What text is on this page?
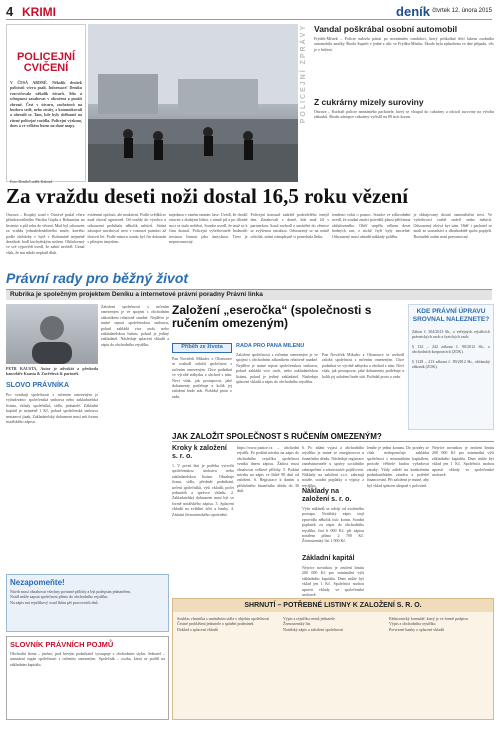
4 KRIMI	deník čtvrtek 12. února 2015
POLICEJNÍ CVIČENÍ
V ČESÁ ARDNÉ. Několik desítek policistů včera psali. Informace! Deníku rozcvičovalo několik útvarů. Sílu a schopnost zasahovat v ohrožení a použít zbraně. Čest v útvaru, zachránců na budovu sedě, nebo ztráty, z komunikovali a ohrozili se. Tam, kde byly sběhnuté na různé policejní vozidla. Policejní výzkum, dnes a ve velkém lesem na dané mapy.
Foto Deník/Luděk Kaloud
POLICEJNÍ ZPRÁVY Vandal poškrábal osobní automobil
Frýdek-Místek – Policie nalezla pátrat po neznámém vandalovi, který poškrábal třetí lakem osobního automobilu značky Škoda Superb v jedné z ulic ve Frýdku-Místku. Škoda byla způsobena ve dne případu, věc je v šetření.
Z cukrárny mizely suroviny
Ostrava – Kuchaři policie neznámého pachatele, který se vloupal do cukrárny a odcizil suroviny na výrobu zákusků. Škodu zástupce cukrárny vyčíslil na 80 tisíc korun.
Za vraždu deseti noži dostal 16,5 roku vězení
Ostrava – Krajský soud v Ostravě poslal včera pětadvacetiletého Patrika Gajdu z Bohumína na šestnáct a půl roku do vězení. Muž byl odsouzen za vraždu jednašedesátiletého muže, kterého podle obžaloby v bytě v Bohumíně nejméně desetkrát bodl kuchyňským nožem. Obžalovaný ve své výpovědi uvedl, že zabití nechtěl. Uznal však, že mu nikdo neplatil dluh.
evidentní opilosti, ale neaktivní. Podle svědků se muž choval agresivně. Od vraždy do výrobce a odsouzení probíhala několik měsíců. Státní zástupce navrhoval trest v rozmezí patnácti až dvaceti let. Podle názoru soudu byl čin dokonán s přímým úmyslem.
najednou v raném ranním čase. Uvedl, že chodil ztracen s druhými lidmi, s nimiž pil a po dlouhé noci se stalo neštěstí. Soudce uvedl, že muž se k činu doznal. Policejní vyšetřovatelé hodnotili trestnou činnost jako úmyslnou. Trest je nepravomocný.
Policejní komisař zadržel podezřelého tentýž den. Zasahovali v domě, kde muž žil s partnerkou. Soud rozhodl o umístění do věznice se zvýšenou ostrahou. Odsouzený se na místě odvolal, státní zástupkyně si ponechala lhůtu.
tendenci volat o pomoc. Soudce ve zdůvodnění uvedl, že soudní znalci potvrdili plnou příčetnost obžalovaného. Oběť utrpěla celkem deset bodných ran, z nichž čtyři byly smrtelné. Odsouzený musí uhradit náklady pohřbu.
je obhajovaný dostal osmiměsíční trest. Ve vyšetřovací vazbě strávil sedm měsíců. Odsouzený obývá byt sám. Oběť i pachatel se znali ze sousedství a dlouhodobě spolu popíjeli. Rozsudek zatím není pravomocný.
Právní rady pro běžný život
Rubrika je společným projektem Deníku a internetové právní poradny Právní linka
PETR KAUSTA, Autor je advokát a předseda kanceláře Kausta & Zavřelová & partneři.
SLOVO PRÁVNÍKA
Pro vznikají společnosti s ručením omezeným je vyžadováno: společenská smlouva nebo zakladatelská listina, vklady společníků, sídlo, jednatelé. Základní kapitál je nejméně 1 Kč, pokud společenská smlouva nestanoví jinak. Zakladatelský dokument musí mít formu notářského zápisu.
Založení společnosti s ručením omezeným je ve spojení s obchodním zákoníkem relativně snadné. Nejdříve je nutné sepsat společenskou smlouvu, pokud zakládá více osob, nebo zakladatelskou listinu, pokud je jediný zakladatel. Následuje splacení vkladů a zápis do obchodního rejstříku.
Založení „eseročka“ (společnosti s ručením omezeným)
Příběh ze života
Pan Nováček Mikulec z Olomouce se rozhodl založit společnost s ručením omezeným. Chce podnikat ve výrobě nábytku a obchod s ním. Neví však, jak postupovat, jaké dokumenty potřebuje a kolik jej založení bude stát. Požádal proto o radu.
RADA PRO PANA MILENU
Založení společnosti s ručením omezeným je ve spojení s obchodním zákoníkem relativně snadné. Nejdříve je nutné sepsat společenskou smlouvu, pokud zakládá více osob, nebo zakladatelskou listinu, pokud je jediný zakladatel. Následuje splacení vkladů a zápis do obchodního rejstříku.
Pan Nováček Mikulec z Olomouce se rozhodl založit společnost s ručením omezeným. Chce podnikat ve výrobě nábytku a obchod s ním. Neví však, jak postupovat, jaké dokumenty potřebuje a kolik jej založení bude stát. Požádal proto o radu.
KDE PRÁVNÍ ÚPRAVU SROVNAL NALEZNETE?
Zákon č. 304/2013 Sb., o veřejných rejstřících právnických osob a fyzických osob.
§ 132 – 242 zákona č. 90/2012 Sb., o obchodních korporacích (ZOK).
§ 1128 – 213 zákona č. 89/2012 Sb., občanský zákoník (ZOK).
JAK ZALOŽIT SPOLEČNOST S RUČENÍM OMEZENÝM?
Kroky k založení s. r. o.
1. V první fázi je potřeba vytvořit společenskou smlouvu nebo zakladatelskou listinu. Obsahuje firmu, sídlo, předmět podnikání, určení společníků, výši vkladů, počet jednatelů a správce vkladu. 2. Zakladatelský dokument musí být ve formě notářského zápisu. 3. Splacení vkladů na zvláštní účet u banky. 4. Získání živnostenského oprávnění.
https://www.justice.cz – obchodní rejstřík. Po podání návrhu na zápis do obchodního rejstříku společnost vzniká dnem zápisu. Žádost musí obsahovat veškeré přílohy. 5. Podání návrhu na zápis ve lhůtě 90 dnů od založení. 6. Registrace k daním u příslušného finančního úřadu do 30 dnů.
6. Po zdání vyjasí a obchodního rejstříku je nutné se zaregistrovat u finančního úřadu. Následuje registrace zaměstnavatele u správy sociálního zabezpečení a zdravotních pojišťoven. Náklady na založení s.r.o. zahrnují notáře, soudní poplatky a výpisy z rejstříku.
Náklady na založení s. r. o.
Výše nákladů se odvíjí od zvoleného postupu. Notářský zápis stojí zpravidla několik tisíc korun. Soudní poplatek za zápis do obchodního rejstříku činí 6 000 Kč, při zápisu notářem přímo 2 700 Kč. Živnostenský list 1 000 Kč.
Základní kapitál
Nejvíce novinkou je zrušení limitu 200 000 Kč pro minimální výši základního kapitálu. Dnes může být vklad jen 1 Kč. Společníci mohou upravit vklady ve společenské smlouvě.
lenthe je jedna koruna. Do povahy se však nedoporučuje zakládat společnost s minimálním kapitálem, protože věřitelé budou vyžadovat záruky. Vždy záleží na konkrétním podnikatelském záměru a potřebě financování. Při založení je nutné, aby byl vklad splacen alespoň v polovině.
Nejvíce novinkou je zrušení limitu 200 000 Kč pro minimální výši základního kapitálu. Dnes může být vklad jen 1 Kč. Společníci mohou upravit vklady ve společenské smlouvě.
Nezapomeňte!
Návrh musí obsahovat všechny povinné přílohy a být podepsán jednatelem.
Notář může zapsat společnost přímo do obchodního rejstříku.
Na zápis má rejstříkový soud lhůtu pět pracovních dnů.
SLOVNÍK PRÁVNÍCH POJMŮ
Obchodní firma – jméno, pod kterým podnikatel vystupuje v obchodním styku. Jednatel – statutární orgán společnosti s ručením omezeným. Společník – osoba, která se podílí na základním kapitálu.
SHRNUTÍ – POTŘEBNÉ LISTINY K ZALOŽENÍ S. R. O.
Souhlas vlastníka s umístěním sídla v objektu společnosti
Čestné prohlášení jednatele o splnění podmínek
Doklad o splacení vkladů
Výpis z rejstříku trestů jednatele
Živnostenský list
Notářský zápis o založení společnosti
Elektronický formulář, který je ve formě podpisu
Výpis z obchodního rejstříku
Potvrzení banky o splacení vkladů
